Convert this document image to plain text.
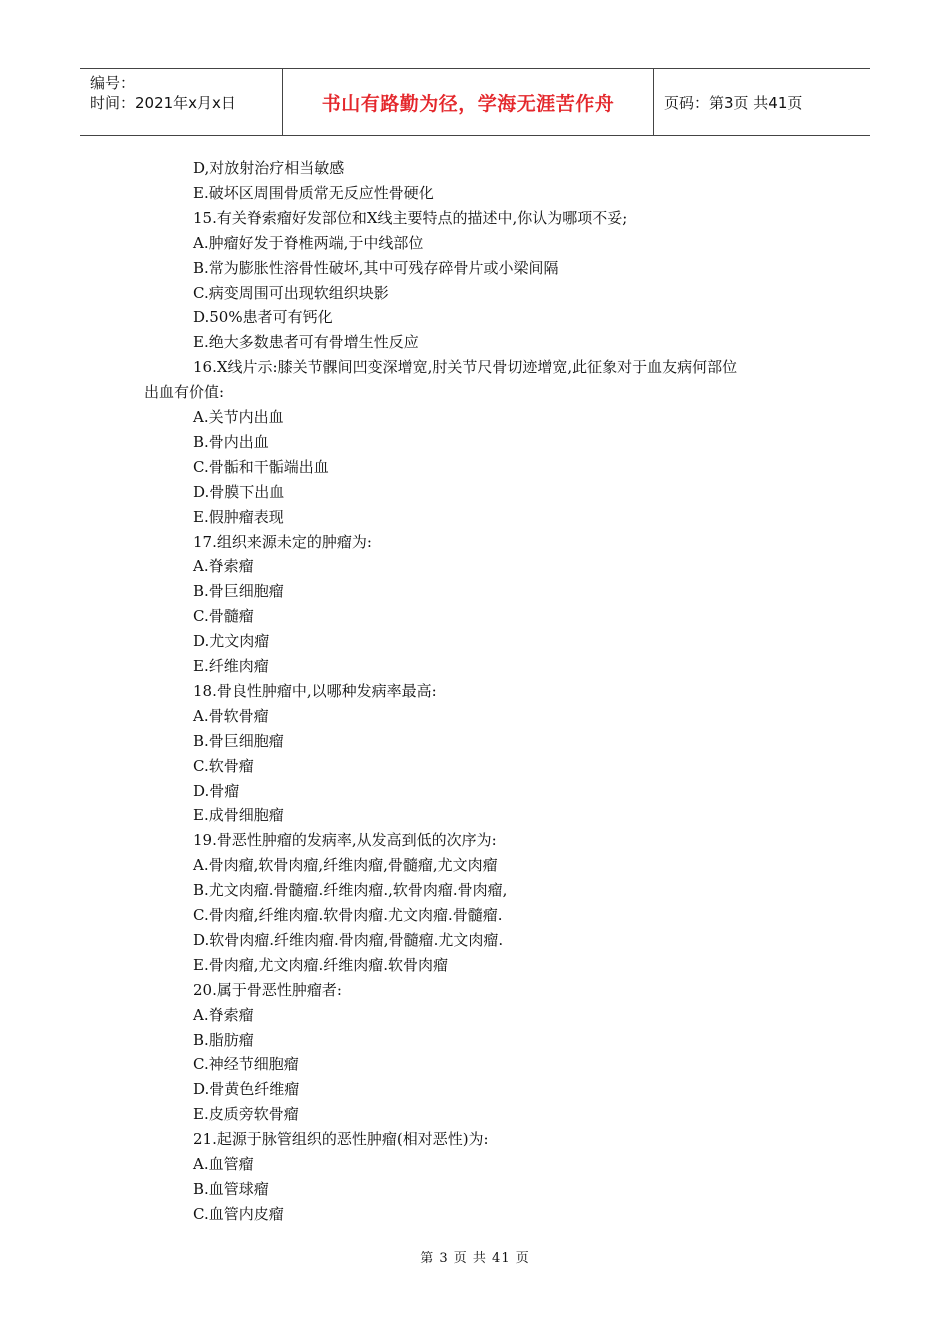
编号：
时间：2021年x月x日	书山有路勤为径，学海无涯苦作舟	页码：第3页 共41页
D,对放射治疗相当敏感
E.破坏区周围骨质常无反应性骨硬化
15.有关脊索瘤好发部位和X线主要特点的描述中,你认为哪项不妥;
A.肿瘤好发于脊椎两端,于中线部位
B.常为膨胀性溶骨性破坏,其中可残存碎骨片或小梁间隔
C.病变周围可出现软组织块影
D.50%患者可有钙化
E.绝大多数患者可有骨增生性反应
16.X线片示:膝关节髁间凹变深增宽,肘关节尺骨切迹增宽,此征象对于血友病何部位
出血有价值:
A.关节内出血
B.骨内出血
C.骨骺和干骺端出血
D.骨膜下出血
E.假肿瘤表现
17.组织来源未定的肿瘤为:
A.脊索瘤
B.骨巨细胞瘤
C.骨髓瘤
D.尤文肉瘤
E.纤维肉瘤
18.骨良性肿瘤中,以哪种发病率最高:
A.骨软骨瘤
B.骨巨细胞瘤
C.软骨瘤
D.骨瘤
E.成骨细胞瘤
19.骨恶性肿瘤的发病率,从发高到低的次序为:
A.骨肉瘤,软骨肉瘤,纤维肉瘤,骨髓瘤,尤文肉瘤
B.尤文肉瘤.骨髓瘤.纤维肉瘤.,软骨肉瘤.骨肉瘤,
C.骨肉瘤,纤维肉瘤.软骨肉瘤.尤文肉瘤.骨髓瘤.
D.软骨肉瘤.纤维肉瘤.骨肉瘤,骨髓瘤.尤文肉瘤.
E.骨肉瘤,尤文肉瘤.纤维肉瘤.软骨肉瘤
20.属于骨恶性肿瘤者:
A.脊索瘤
B.脂肪瘤
C.神经节细胞瘤
D.骨黄色纤维瘤
E.皮质旁软骨瘤
21.起源于脉管组织的恶性肿瘤(相对恶性)为:
A.血管瘤
B.血管球瘤
C.血管内皮瘤
第 3 页 共 41 页
